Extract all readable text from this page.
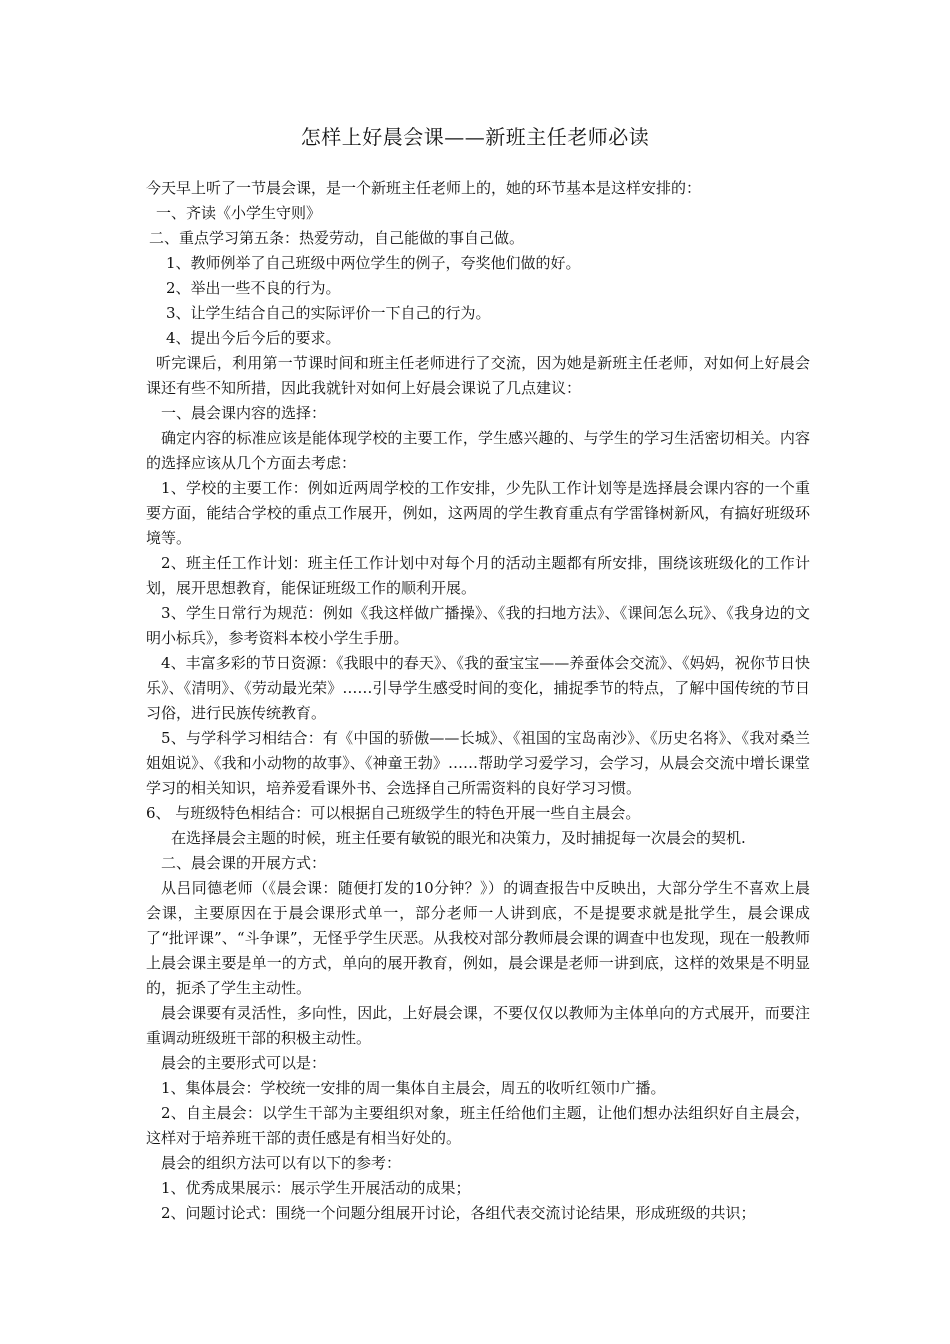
怎样上好晨会课——新班主任老师必读

今天早上听了一节晨会课，是一个新班主任老师上的，她的环节基本是这样安排的：

一、齐读《小学生守则》

二、重点学习第五条：热爱劳动，自己能做的事自己做。

1、教师例举了自己班级中两位学生的例子，夸奖他们做的好。

2、举出一些不良的行为。

3、让学生结合自己的实际评价一下自己的行为。

4、提出今后今后的要求。

听完课后，利用第一节课时间和班主任老师进行了交流，因为她是新班主任老师，对如何上好晨会课还有些不知所措，因此我就针对如何上好晨会课说了几点建议：

一、晨会课内容的选择：

确定内容的标准应该是能体现学校的主要工作，学生感兴趣的、与学生的学习生活密切相关。内容的选择应该从几个方面去考虑：

1、学校的主要工作：例如近两周学校的工作安排，少先队工作计划等是选择晨会课内容的一个重要方面，能结合学校的重点工作展开，例如，这两周的学生教育重点有学雷锋树新风，有搞好班级环境等。

2、班主任工作计划：班主任工作计划中对每个月的活动主题都有所安排，围绕该班级化的工作计划，展开思想教育，能保证班级工作的顺利开展。

3、学生日常行为规范：例如《我这样做广播操》、《我的扫地方法》、《课间怎么玩》、《我身边的文明小标兵》，参考资料本校小学生手册。

4、丰富多彩的节日资源：《我眼中的春天》、《我的蚕宝宝——养蚕体会交流》、《妈妈，祝你节日快乐》、《清明》、《劳动最光荣》……引导学生感受时间的变化，捕捉季节的特点，了解中国传统的节日习俗，进行民族传统教育。

5、与学科学习相结合：有《中国的骄傲——长城》、《祖国的宝岛南沙》、《历史名将》、《我对桑兰姐姐说》、《我和小动物的故事》、《神童王勃》……帮助学习爱学习，会学习，从晨会交流中增长课堂学习的相关知识，培养爱看课外书、会选择自己所需资料的良好学习习惯。

6、 与班级特色相结合：可以根据自己班级学生的特色开展一些自主晨会。

在选择晨会主题的时候，班主任要有敏锐的眼光和决策力，及时捕捉每一次晨会的契机.

二、晨会课的开展方式：

从吕同德老师（《晨会课：随便打发的10分钟？》）的调查报告中反映出，大部分学生不喜欢上晨会课，主要原因在于晨会课形式单一，部分老师一人讲到底，不是提要求就是批学生，晨会课成了“批评课”、“斗争课”，无怪乎学生厌恶。从我校对部分教师晨会课的调查中也发现，现在一般教师上晨会课主要是单一的方式，单向的展开教育，例如，晨会课是老师一讲到底，这样的效果是不明显的，扼杀了学生主动性。

晨会课要有灵活性，多向性，因此，上好晨会课，不要仅仅以教师为主体单向的方式展开，而要注重调动班级班干部的积极主动性。

晨会的主要形式可以是：

1、集体晨会：学校统一安排的周一集体自主晨会，周五的收听红领巾广播。

2、自主晨会：以学生干部为主要组织对象，班主任给他们主题，让他们想办法组织好自主晨会，这样对于培养班干部的责任感是有相当好处的。

晨会的组织方法可以有以下的参考：

1、优秀成果展示：展示学生开展活动的成果；

2、问题讨论式：围绕一个问题分组展开讨论，各组代表交流讨论结果，形成班级的共识；
